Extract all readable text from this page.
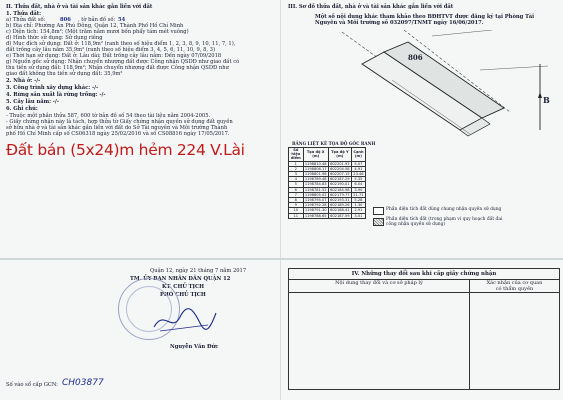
II. Thửa đất, nhà ở và tài sản khác gắn liền với đất
1. Thửa đất:
a) Thửa đất số:	806 , tờ bản đồ số: 54
b) Địa chỉ: Phường An Phú Đông, Quận 12, Thành Phố Hồ Chí Minh
c) Diện tích: 154,8m²; (Một trăm năm mươi bốn phẩy tám mét vuông)
d) Hình thức sử dụng: Sử dụng riêng
đ) Mục đích sử dụng: Đất ở: 118,9m² (ranh theo số hiệu điểm 1, 2, 3, 8, 9, 10, 11, 7, 1),
đất trồng cây lâu năm 35,9m² (ranh theo số hiệu điểm 3, 4, 5, 6, 11, 10, 9, 8, 3)
e) Thời hạn sử dụng: Đất ở: Lâu dài; Đất trồng cây lâu năm: Đến ngày 07/09/2018
g) Nguồn gốc sử dụng: Nhận chuyển nhượng đất được Công nhận QSDĐ như giao đất có
thu tiền sử dụng đất: 118,9m²; Nhận chuyển nhượng đất được Công nhận QSDĐ như
giao đất không thu tiền sử dụng đất: 35,9m²
2. Nhà ở: -/-
3. Công trình xây dựng khác: -/-
4. Rừng sản xuất là rừng trồng: -/-
5. Cây lâu năm: -/-
6. Ghi chú:
- Thuộc một phần thửa 587, 600 tờ bản đồ số 54 theo tài liệu năm 2004-2005.
- Giấy chứng nhận này là tách, hợp thửa từ Giấy chứng nhận quyền sử dụng đất quyền
sở hữu nhà ở và tài sản khác gắn liền với đất do Sở Tài nguyên và Môi trường Thành
phố Hồ Chí Minh cấp số CS06318 ngày 25/02/2016 và số CS08816 ngày 17/05/2017.
Đất bán (5x24)m hẻm 224 V.Lài
Quận 12, ngày 21 tháng 7 năm 2017
TM. ỦY BAN NHÂN DÂN QUẬN 12
KT. CHỦ TỊCH
PHÓ CHỦ TỊCH
Nguyễn Văn Đức
Số vào sổ cấp GCN: CH03877
III. Sơ đồ thửa đất, nhà ở và tài sản khác gắn liền với đất
Một số nội dung khác tham khảo theo BĐHTVT được đăng ký tại Phòng Tài
Nguyên và Môi trường số 032097/TNMT ngày 16/06/2017.
806
B
BẢNG LIỆT KÊ TỌA ĐỘ GÓC RANH
Số hiệu điểm	Tọa độ X (m)	Tọa độ Y (m)	Cạnh (m)
1	1198810.48	602201.93	5.07
2	1198806.17	602204.58	4.91
3	1198801.98	602207.15	23.46
4	1198789.48	602187.29	5.35
5	1198784.83	602190.01	6.04
6	1198781.52	602184.98	3.90
7	1198805.02	602179.77	21.71
8	1198795.07	602193.31	5.28
9	1198792.28	602189.26	1.30
10	1198791.30	602188.41	2.91
11	1198788.65	602187.59	3.01
Phần diện tích đất dùng chung nhận quyền sử dụng
Phần diện tích đất (trong phạm vi quy hoạch đất đai
công nhận quyền sử dụng)
IV. Những thay đổi sau khi cấp giấy chứng nhận
Nội dung thay đổi và cơ sở pháp lý	Xác nhận của cơ quan
có thẩm quyền
